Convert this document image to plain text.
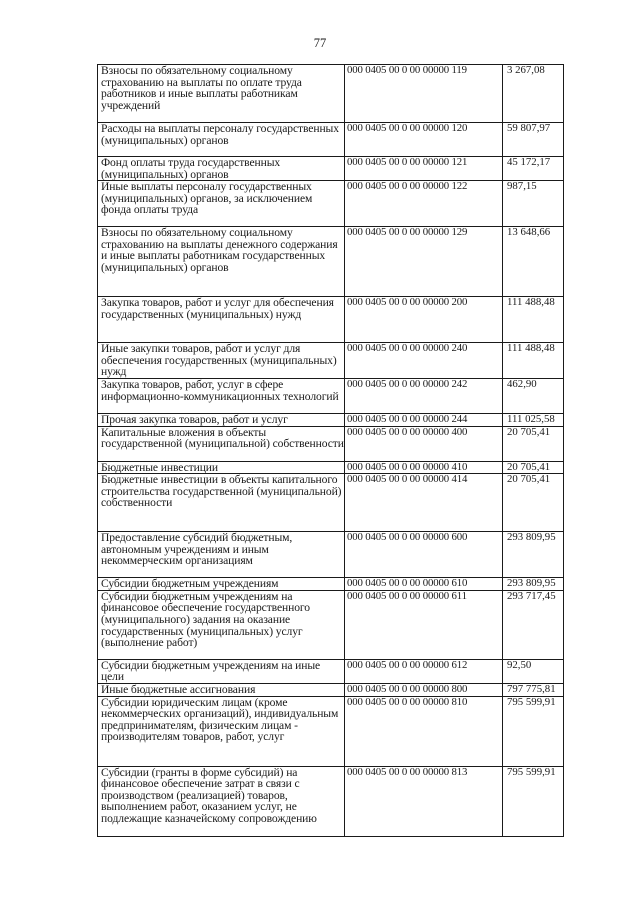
77
Взносы по обязательному социальному страхованию на выплаты по оплате труда работников и иные выплаты работникам учреждений	000 0405 00 0 00 00000 119	3 267,08
Расходы на выплаты персоналу государственных (муниципальных) органов	000 0405 00 0 00 00000 120	59 807,97
Фонд оплаты труда государственных (муниципальных) органов	000 0405 00 0 00 00000 121	45 172,17
Иные выплаты персоналу государственных (муниципальных) органов, за исключением фонда оплаты труда	000 0405 00 0 00 00000 122	987,15
Взносы по обязательному социальному страхованию на выплаты денежного содержания и иные выплаты работникам государственных (муниципальных) органов	000 0405 00 0 00 00000 129	13 648,66
Закупка товаров, работ и услуг для обеспечения государственных (муниципальных) нужд	000 0405 00 0 00 00000 200	111 488,48
Иные закупки товаров, работ и услуг для обеспечения государственных (муниципальных) нужд	000 0405 00 0 00 00000 240	111 488,48
Закупка товаров, работ, услуг в сфере информационно-коммуникационных технологий	000 0405 00 0 00 00000 242	462,90
Прочая закупка товаров, работ и услуг	000 0405 00 0 00 00000 244	111 025,58
Капитальные вложения в объекты государственной (муниципальной) собственности	000 0405 00 0 00 00000 400	20 705,41
Бюджетные инвестиции	000 0405 00 0 00 00000 410	20 705,41
Бюджетные инвестиции в объекты капитального строительства государственной (муниципальной) собственности	000 0405 00 0 00 00000 414	20 705,41
Предоставление субсидий бюджетным, автономным учреждениям и иным некоммерческим организациям	000 0405 00 0 00 00000 600	293 809,95
Субсидии бюджетным учреждениям	000 0405 00 0 00 00000 610	293 809,95
Субсидии бюджетным учреждениям на финансовое обеспечение государственного (муниципального) задания на оказание государственных (муниципальных) услуг (выполнение работ)	000 0405 00 0 00 00000 611	293 717,45
Субсидии бюджетным учреждениям на иные цели	000 0405 00 0 00 00000 612	92,50
Иные бюджетные ассигнования	000 0405 00 0 00 00000 800	797 775,81
Субсидии юридическим лицам (кроме некоммерческих организаций), индивидуальным предпринимателям, физическим лицам - производителям товаров, работ, услуг	000 0405 00 0 00 00000 810	795 599,91
Субсидии (гранты в форме субсидий) на финансовое обеспечение затрат в связи с производством (реализацией) товаров, выполнением работ, оказанием услуг, не подлежащие казначейскому сопровождению	000 0405 00 0 00 00000 813	795 599,91
